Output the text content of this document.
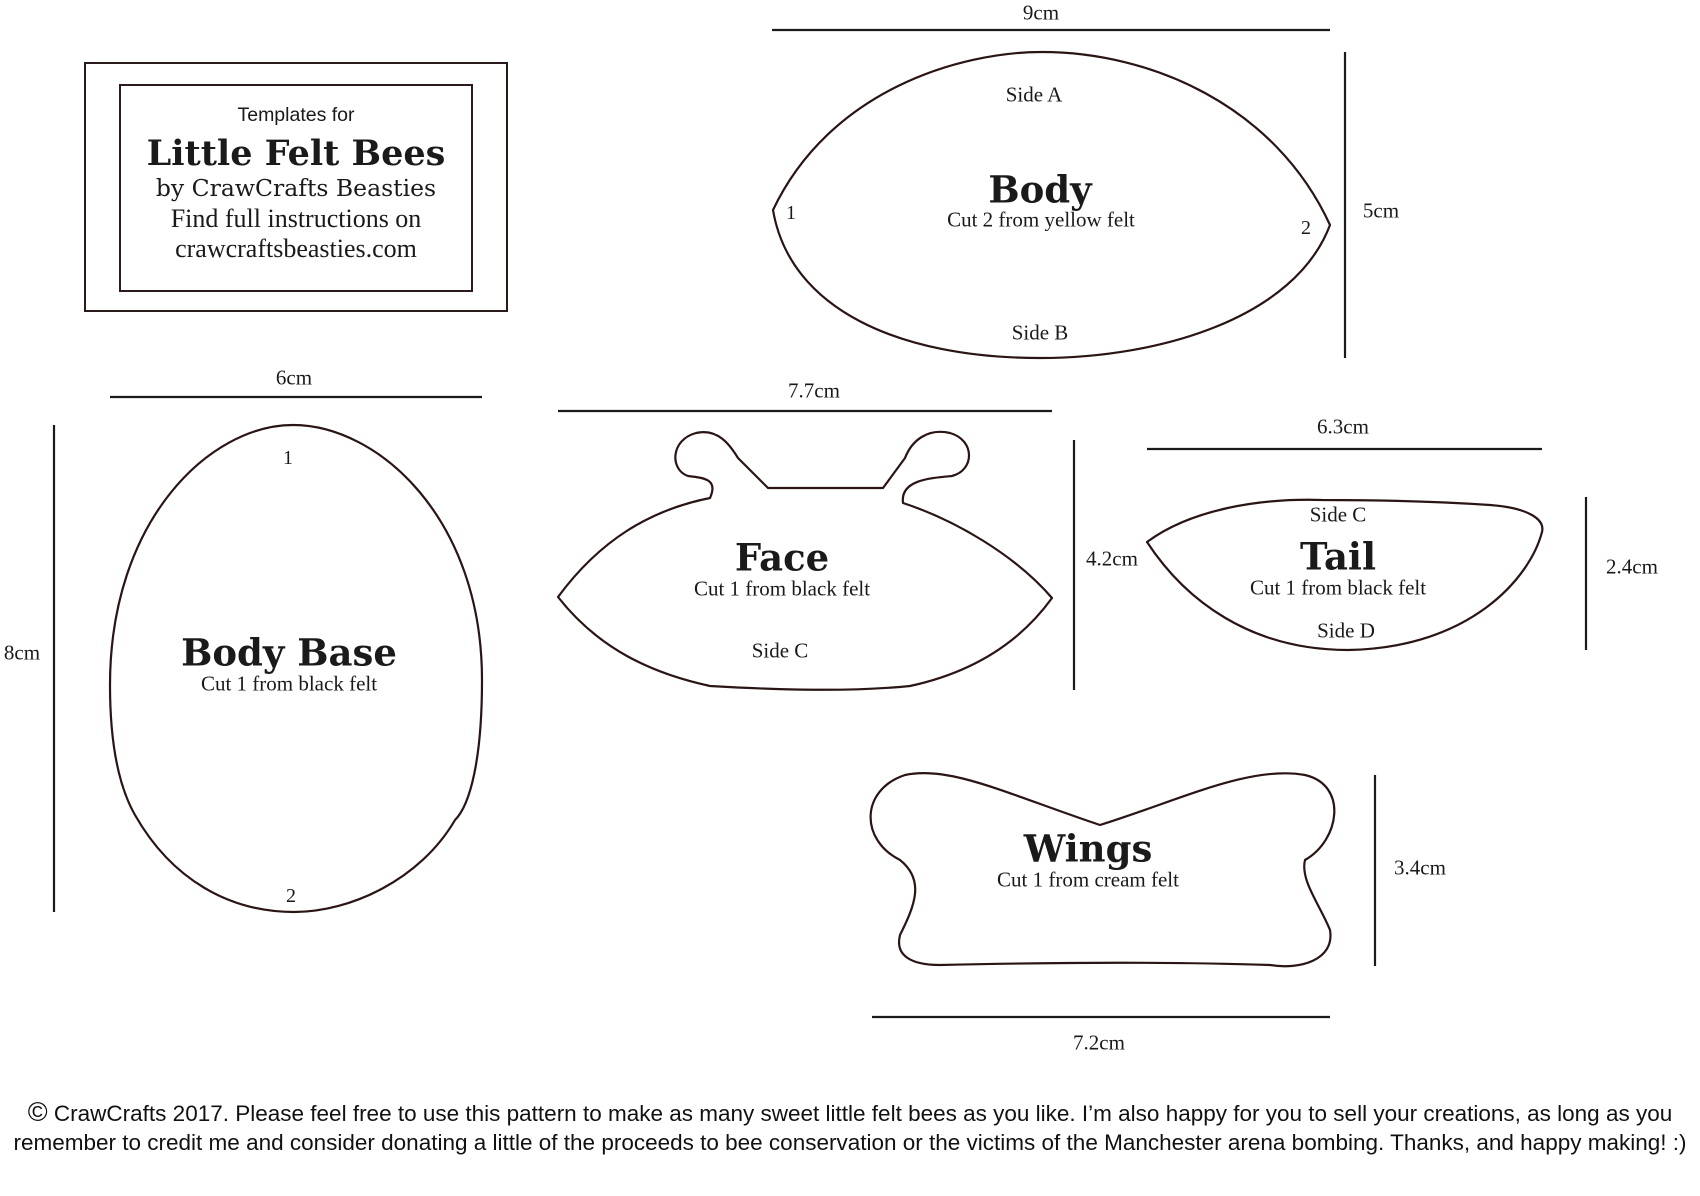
Templates for
Little Felt Bees
by CrawCrafts Beasties
Find full instructions on
crawcraftsbeasties.com
9cm
5cm
Side A
Side B
1
2
Body
Cut 2 from yellow felt
6cm
8cm
1
2
Body Base
Cut 1 from black felt
7.7cm
4.2cm
Face
Cut 1 from black felt
Side C
6.3cm
2.4cm
Side C
Tail
Cut 1 from black felt
Side D
Wings
Cut 1 from cream felt	3.4cm
7.2cm
© CrawCrafts 2017. Please feel free to use this pattern to make as many sweet little felt bees as you like. I’m also happy for you to sell your creations, as long as you remember to credit me and consider donating a little of the proceeds to bee conservation or the victims of the Manchester arena bombing. Thanks, and happy making! :)
